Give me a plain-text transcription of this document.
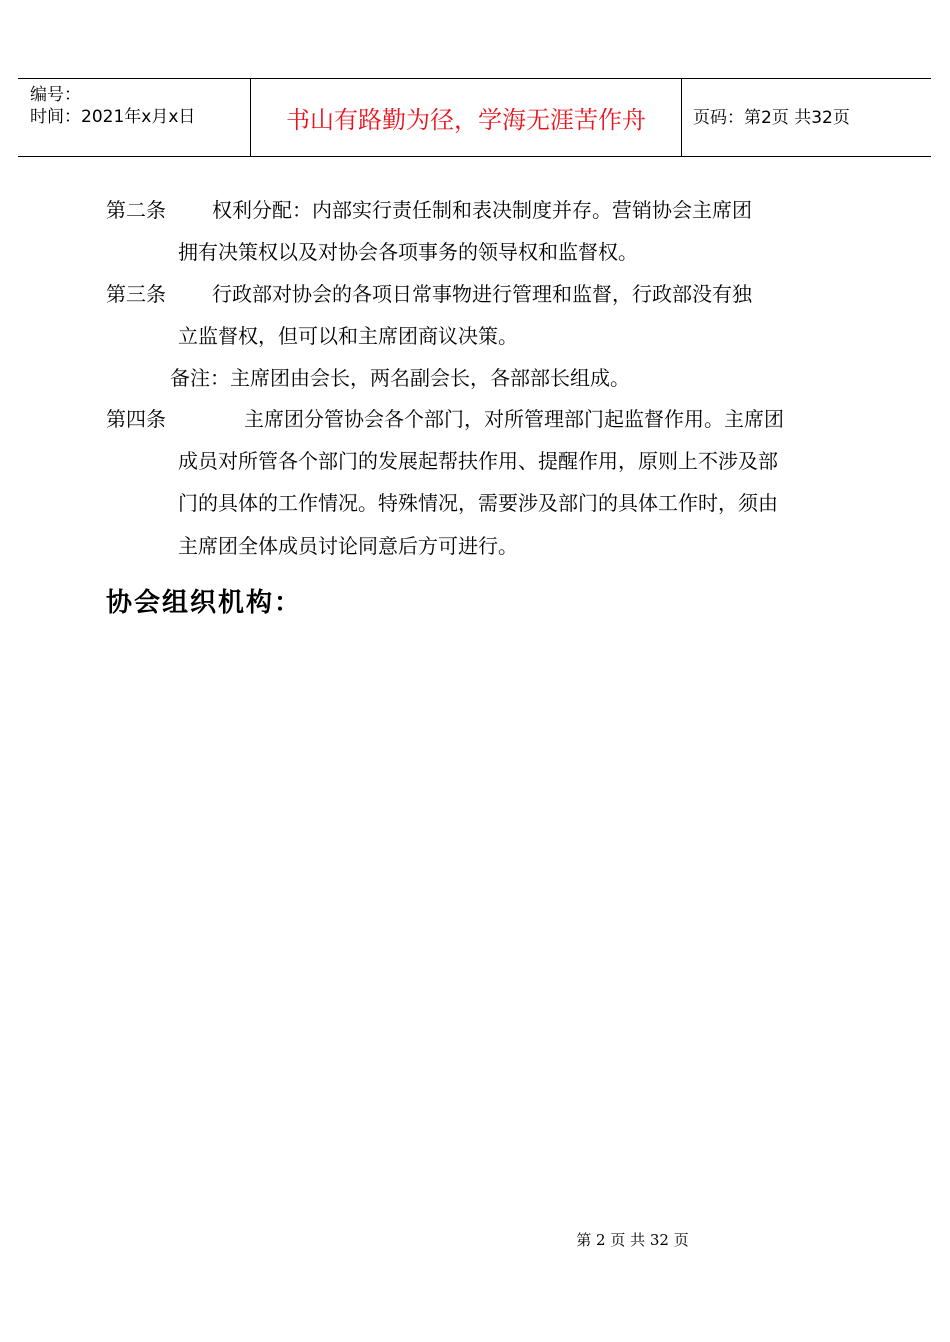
编号：
时间：2021年x月x日	书山有路勤为径，学海无涯苦作舟	页码：第2页 共32页
第二条 权利分配：内部实行责任制和表决制度并存。营销协会主席团
拥有决策权以及对协会各项事务的领导权和监督权。
第三条 行政部对协会的各项日常事物进行管理和监督，行政部没有独
立监督权，但可以和主席团商议决策。
备注：主席团由会长，两名副会长，各部部长组成。
第四条	主席团分管协会各个部门，对所管理部门起监督作用。主席团
成员对所管各个部门的发展起帮扶作用、提醒作用，原则上不涉及部
门的具体的工作情况。特殊情况，需要涉及部门的具体工作时，须由
主席团全体成员讨论同意后方可进行。
协会组织机构：
第 2 页 共 32 页
